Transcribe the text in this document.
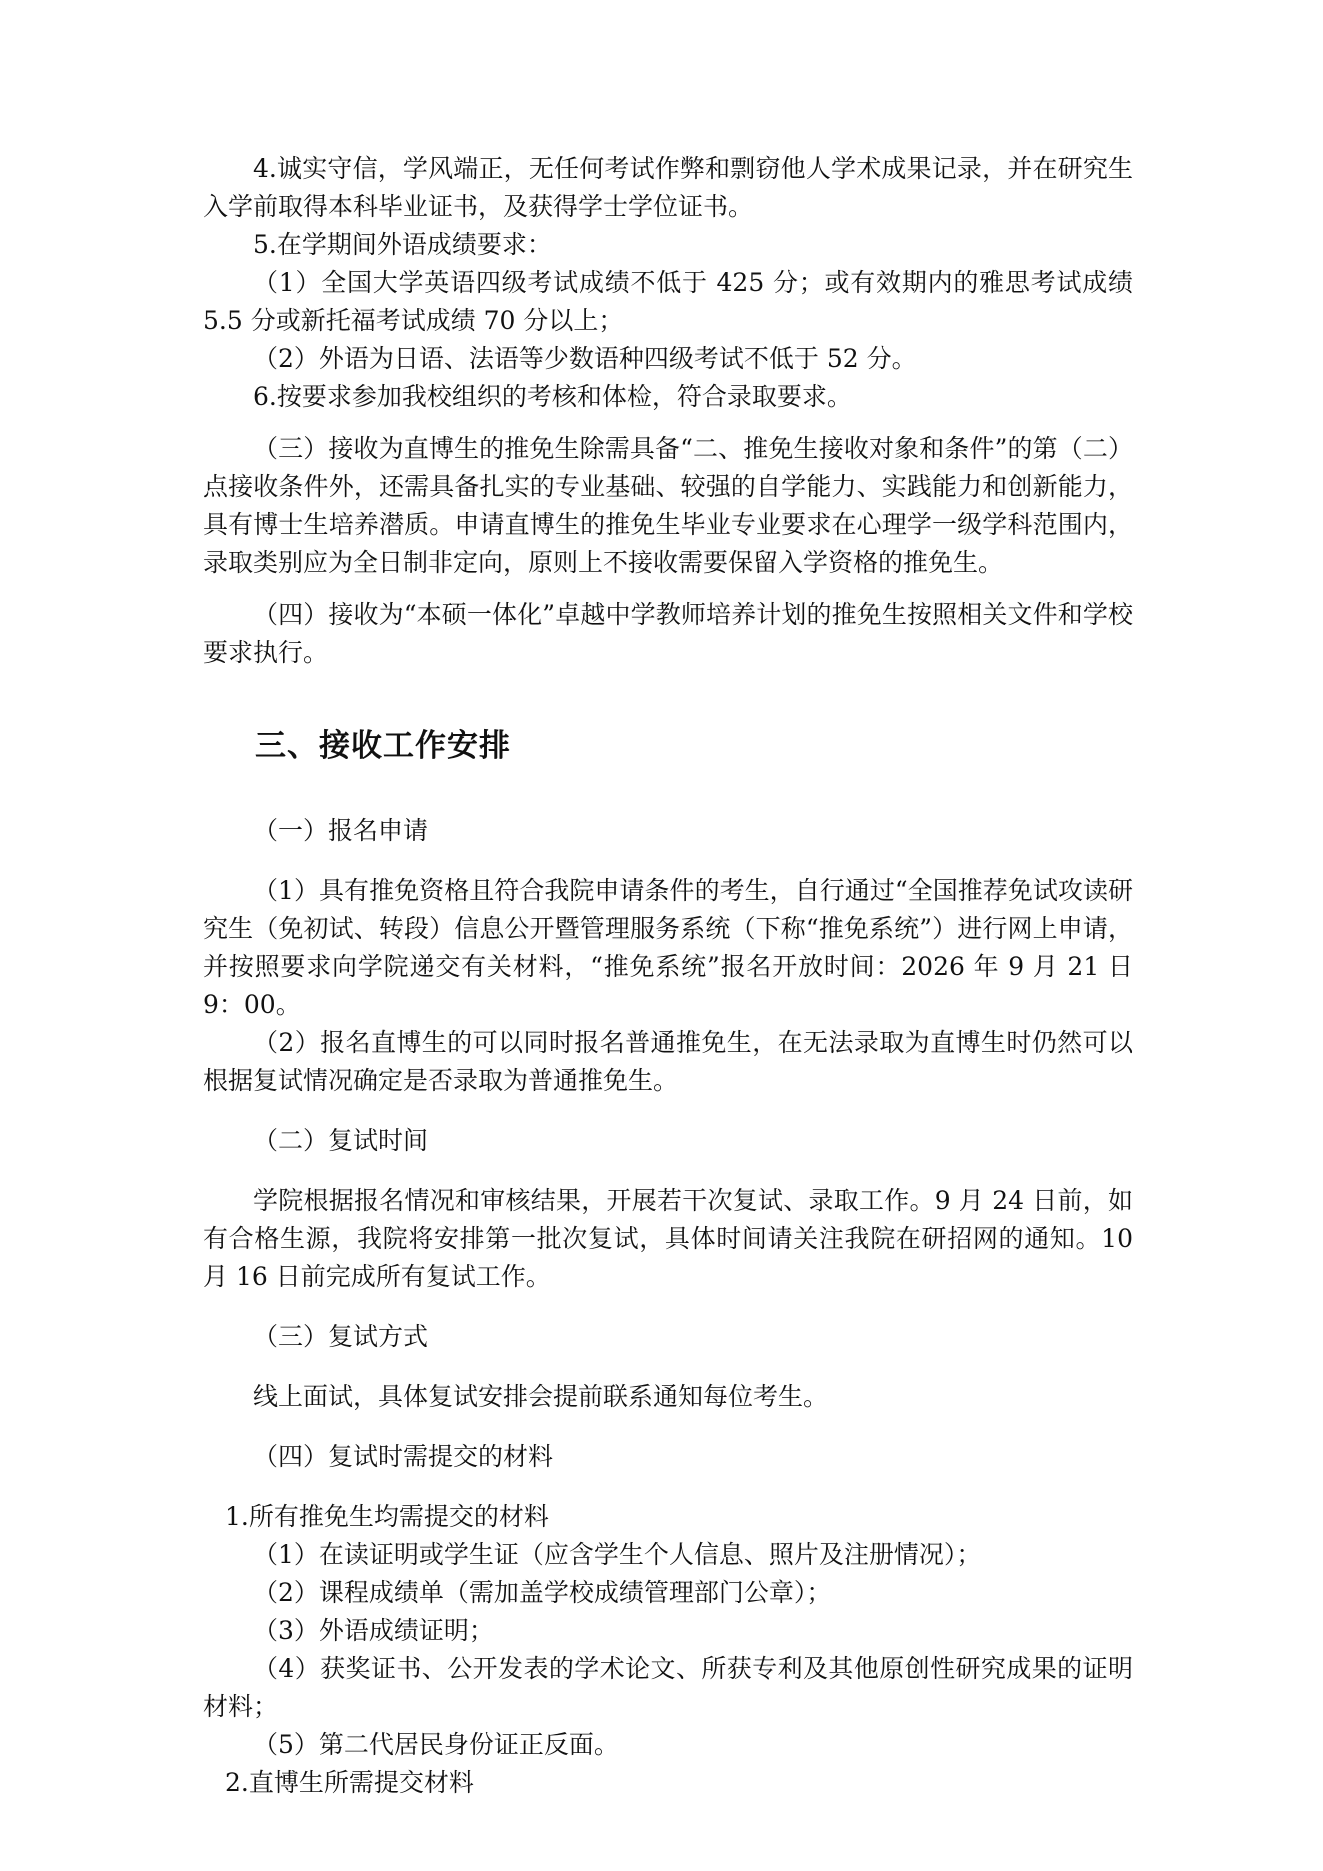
4.诚实守信，学风端正，无任何考试作弊和剽窃他人学术成果记录，并在研究生入学前取得本科毕业证书，及获得学士学位证书。

5.在学期间外语成绩要求：

（1）全国大学英语四级考试成绩不低于 425 分；或有效期内的雅思考试成绩 5.5 分或新托福考试成绩 70 分以上；

（2）外语为日语、法语等少数语种四级考试不低于 52 分。

6.按要求参加我校组织的考核和体检，符合录取要求。

（三）接收为直博生的推免生除需具备“二、推免生接收对象和条件”的第（二）点接收条件外，还需具备扎实的专业基础、较强的自学能力、实践能力和创新能力，具有博士生培养潜质。申请直博生的推免生毕业专业要求在心理学一级学科范围内，录取类别应为全日制非定向，原则上不接收需要保留入学资格的推免生。

（四）接收为“本硕一体化”卓越中学教师培养计划的推免生按照相关文件和学校要求执行。

三、接收工作安排

（一）报名申请

（1）具有推免资格且符合我院申请条件的考生，自行通过“全国推荐免试攻读研究生（免初试、转段）信息公开暨管理服务系统（下称“推免系统”）进行网上申请，并按照要求向学院递交有关材料，“推免系统”报名开放时间：2026 年 9 月 21 日 9：00。

（2）报名直博生的可以同时报名普通推免生，在无法录取为直博生时仍然可以根据复试情况确定是否录取为普通推免生。

（二）复试时间

学院根据报名情况和审核结果，开展若干次复试、录取工作。9 月 24 日前，如有合格生源，我院将安排第一批次复试，具体时间请关注我院在研招网的通知。10 月 16 日前完成所有复试工作。

（三）复试方式

线上面试，具体复试安排会提前联系通知每位考生。

（四）复试时需提交的材料

1.所有推免生均需提交的材料

（1）在读证明或学生证（应含学生个人信息、照片及注册情况）；

（2）课程成绩单（需加盖学校成绩管理部门公章）；

（3）外语成绩证明；

（4）获奖证书、公开发表的学术论文、所获专利及其他原创性研究成果的证明材料；

（5）第二代居民身份证正反面。

2.直博生所需提交材料
